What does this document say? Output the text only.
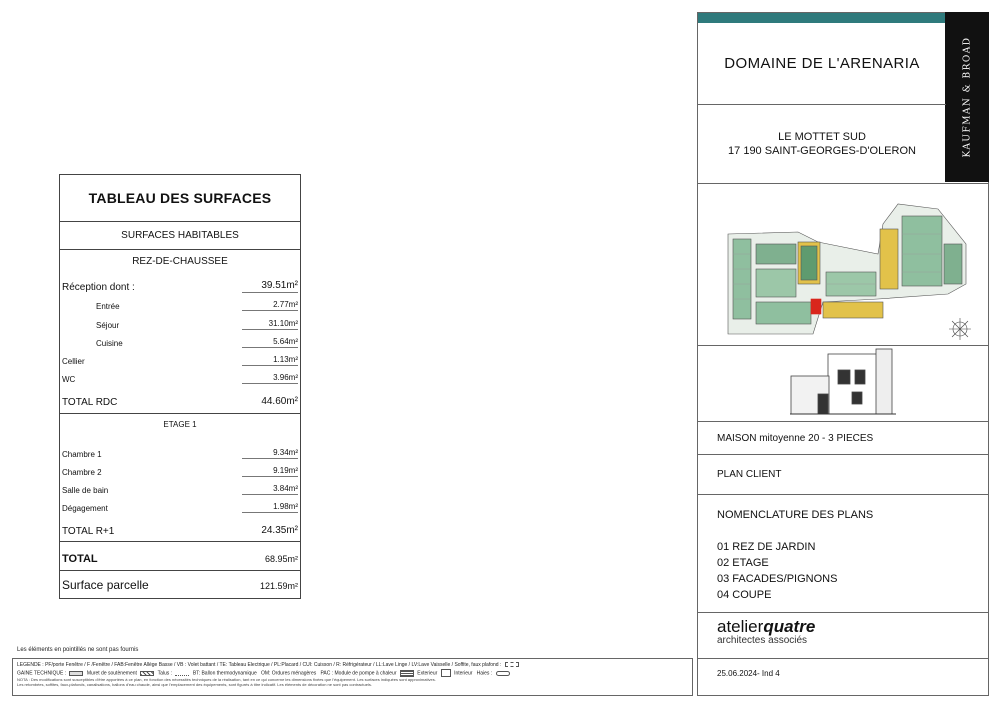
TABLEAU DES SURFACES
SURFACES HABITABLES
REZ-DE-CHAUSSEE
Réception dont :	39.51m²
Entrée	2.77m²
Séjour	31.10m²
Cuisine	5.64m²
Cellier	1.13m²
WC	3.96m²
TOTAL RDC	44.60m²
ETAGE 1
Chambre 1	9.34m²
Chambre 2	9.19m²
Salle de bain	3.84m²
Dégagement	1.98m²
TOTAL R+1	24.35m²
TOTAL	68.95m²
Surface parcelle	121.59m²
Les éléments en pointillés ne sont pas fournis
LEGENDE : PF/porte Fenêtre / F /Fenêtre / FAB:Fenêtre Allège Basse / VB : Volet battant / TE: Tableau Electrique / PL:Placard / CUI: Cuisson / R: Réfrigérateur / LL:Lave Linge / LV:Lave Vaisselle / Soffite, faux plafond :
GAINE TECHNIQUE :	Muret de soutènement	Talus :	BT: Ballon thermodynamique OM: Ordures ménagères PAC : Module de pompe à chaleur	Exterieur	Interieur Haies :
NOTA : Des modifications sont susceptibles d'être apportées à ce plan, en fonction des nécessités techniques de la réalisation, tant en ce qui concerne les dimensions fixées que l'équipement. Les surfaces indiquées sont approximatives.
Les retombées, soffites, faux-plafonds, canalisations, ballons d'eau chaude, ainsi que l'emplacement des équipements, sont figurés à titre indicatif. Les éléments de décoration ne sont pas contractuels.
KAUFMAN & BROAD
DOMAINE DE L'ARENARIA
LE MOTTET SUD
17 190 SAINT-GEORGES-D'OLERON
MAISON mitoyenne 20 - 3 PIECES
PLAN CLIENT
NOMENCLATURE DES PLANS
01 REZ DE JARDIN
02 ETAGE
03 FACADES/PIGNONS
04 COUPE
atelierquatre
architectes associés
25.06.2024- Ind 4
